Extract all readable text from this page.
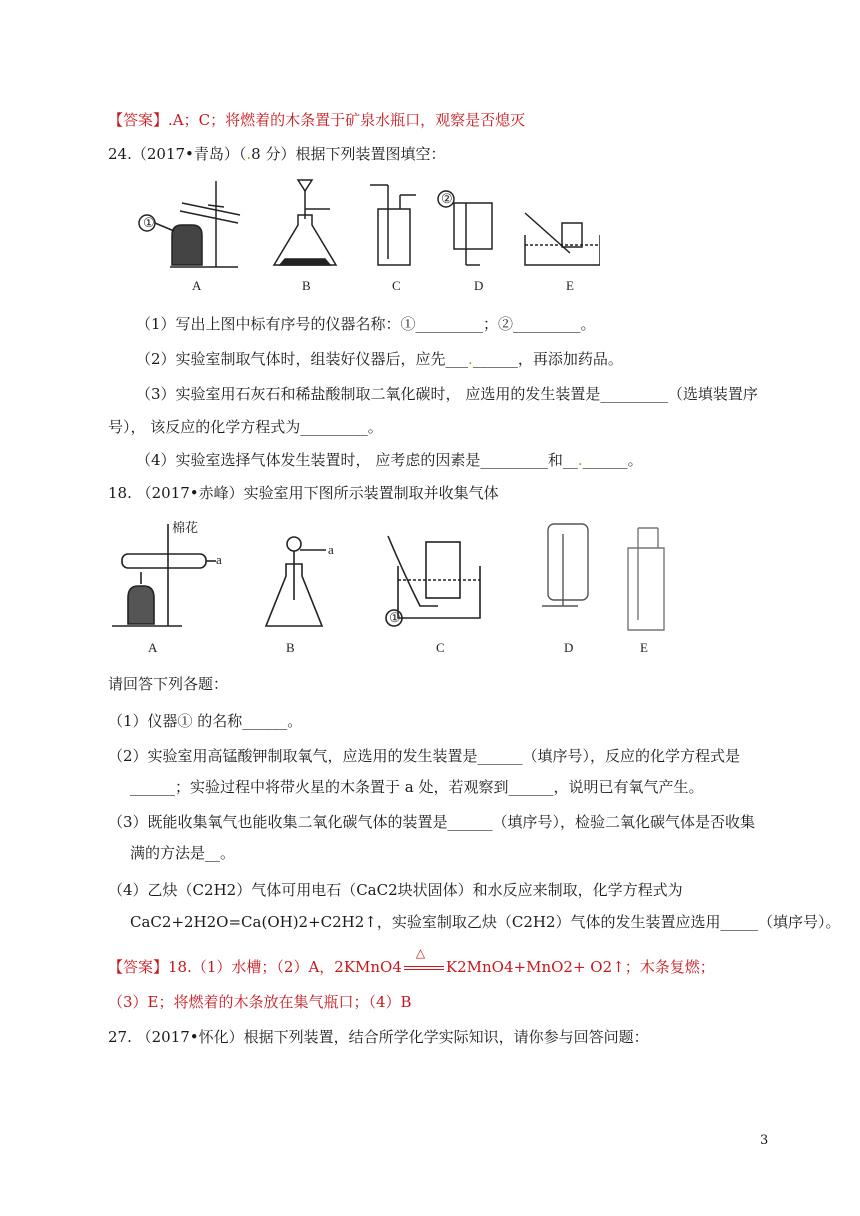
【答案】.A；C；将燃着的木条置于矿泉水瓶口，观察是否熄灭
24.（2017•青岛）（.8 分）根据下列装置图填空：
①
②
A	B	C	D	E
（1）写出上图中标有序号的仪器名称：①_________；②_________。
（2）实验室制取气体时，组装好仪器后，应先___.______，再添加药品。
（3）实验室用石灰石和稀盐酸制取二氧化碳时， 应选用的发生装置是_________（选填装置序
号）， 该反应的化学方程式为_________。
（4）实验室选择气体发生装置时， 应考虑的因素是_________和__.______。
18. （2017•赤峰）实验室用下图所示装置制取并收集气体
棉花
a
a
①
A	B	C	D	E
请回答下列各题：
（1）仪器① 的名称______。
（2）实验室用高锰酸钾制取氧气，应选用的发生装置是______（填序号），反应的化学方程式是
______；实验过程中将带火星的木条置于 a 处，若观察到______，说明已有氧气产生。
（3）既能收集氧气也能收集二氧化碳气体的装置是______（填序号），检验二氧化碳气体是否收集
满的方法是__。
（4）乙炔（C2H2）气体可用电石（CaC2块状固体）和水反应来制取，化学方程式为
CaC2+2H2O=Ca(OH)2+C2H2↑，实验室制取乙炔（C2H2）气体的发生装置应选用_____（填序号）。
【答案】18.（1）水槽；（2）A，2KMnO4
△
K2MnO4+MnO2+ O2↑；木条复燃；
（3）E；将燃着的木条放在集气瓶口；（4）B
27. （2017•怀化）根据下列装置，结合所学化学实际知识，请你参与回答问题：
3
